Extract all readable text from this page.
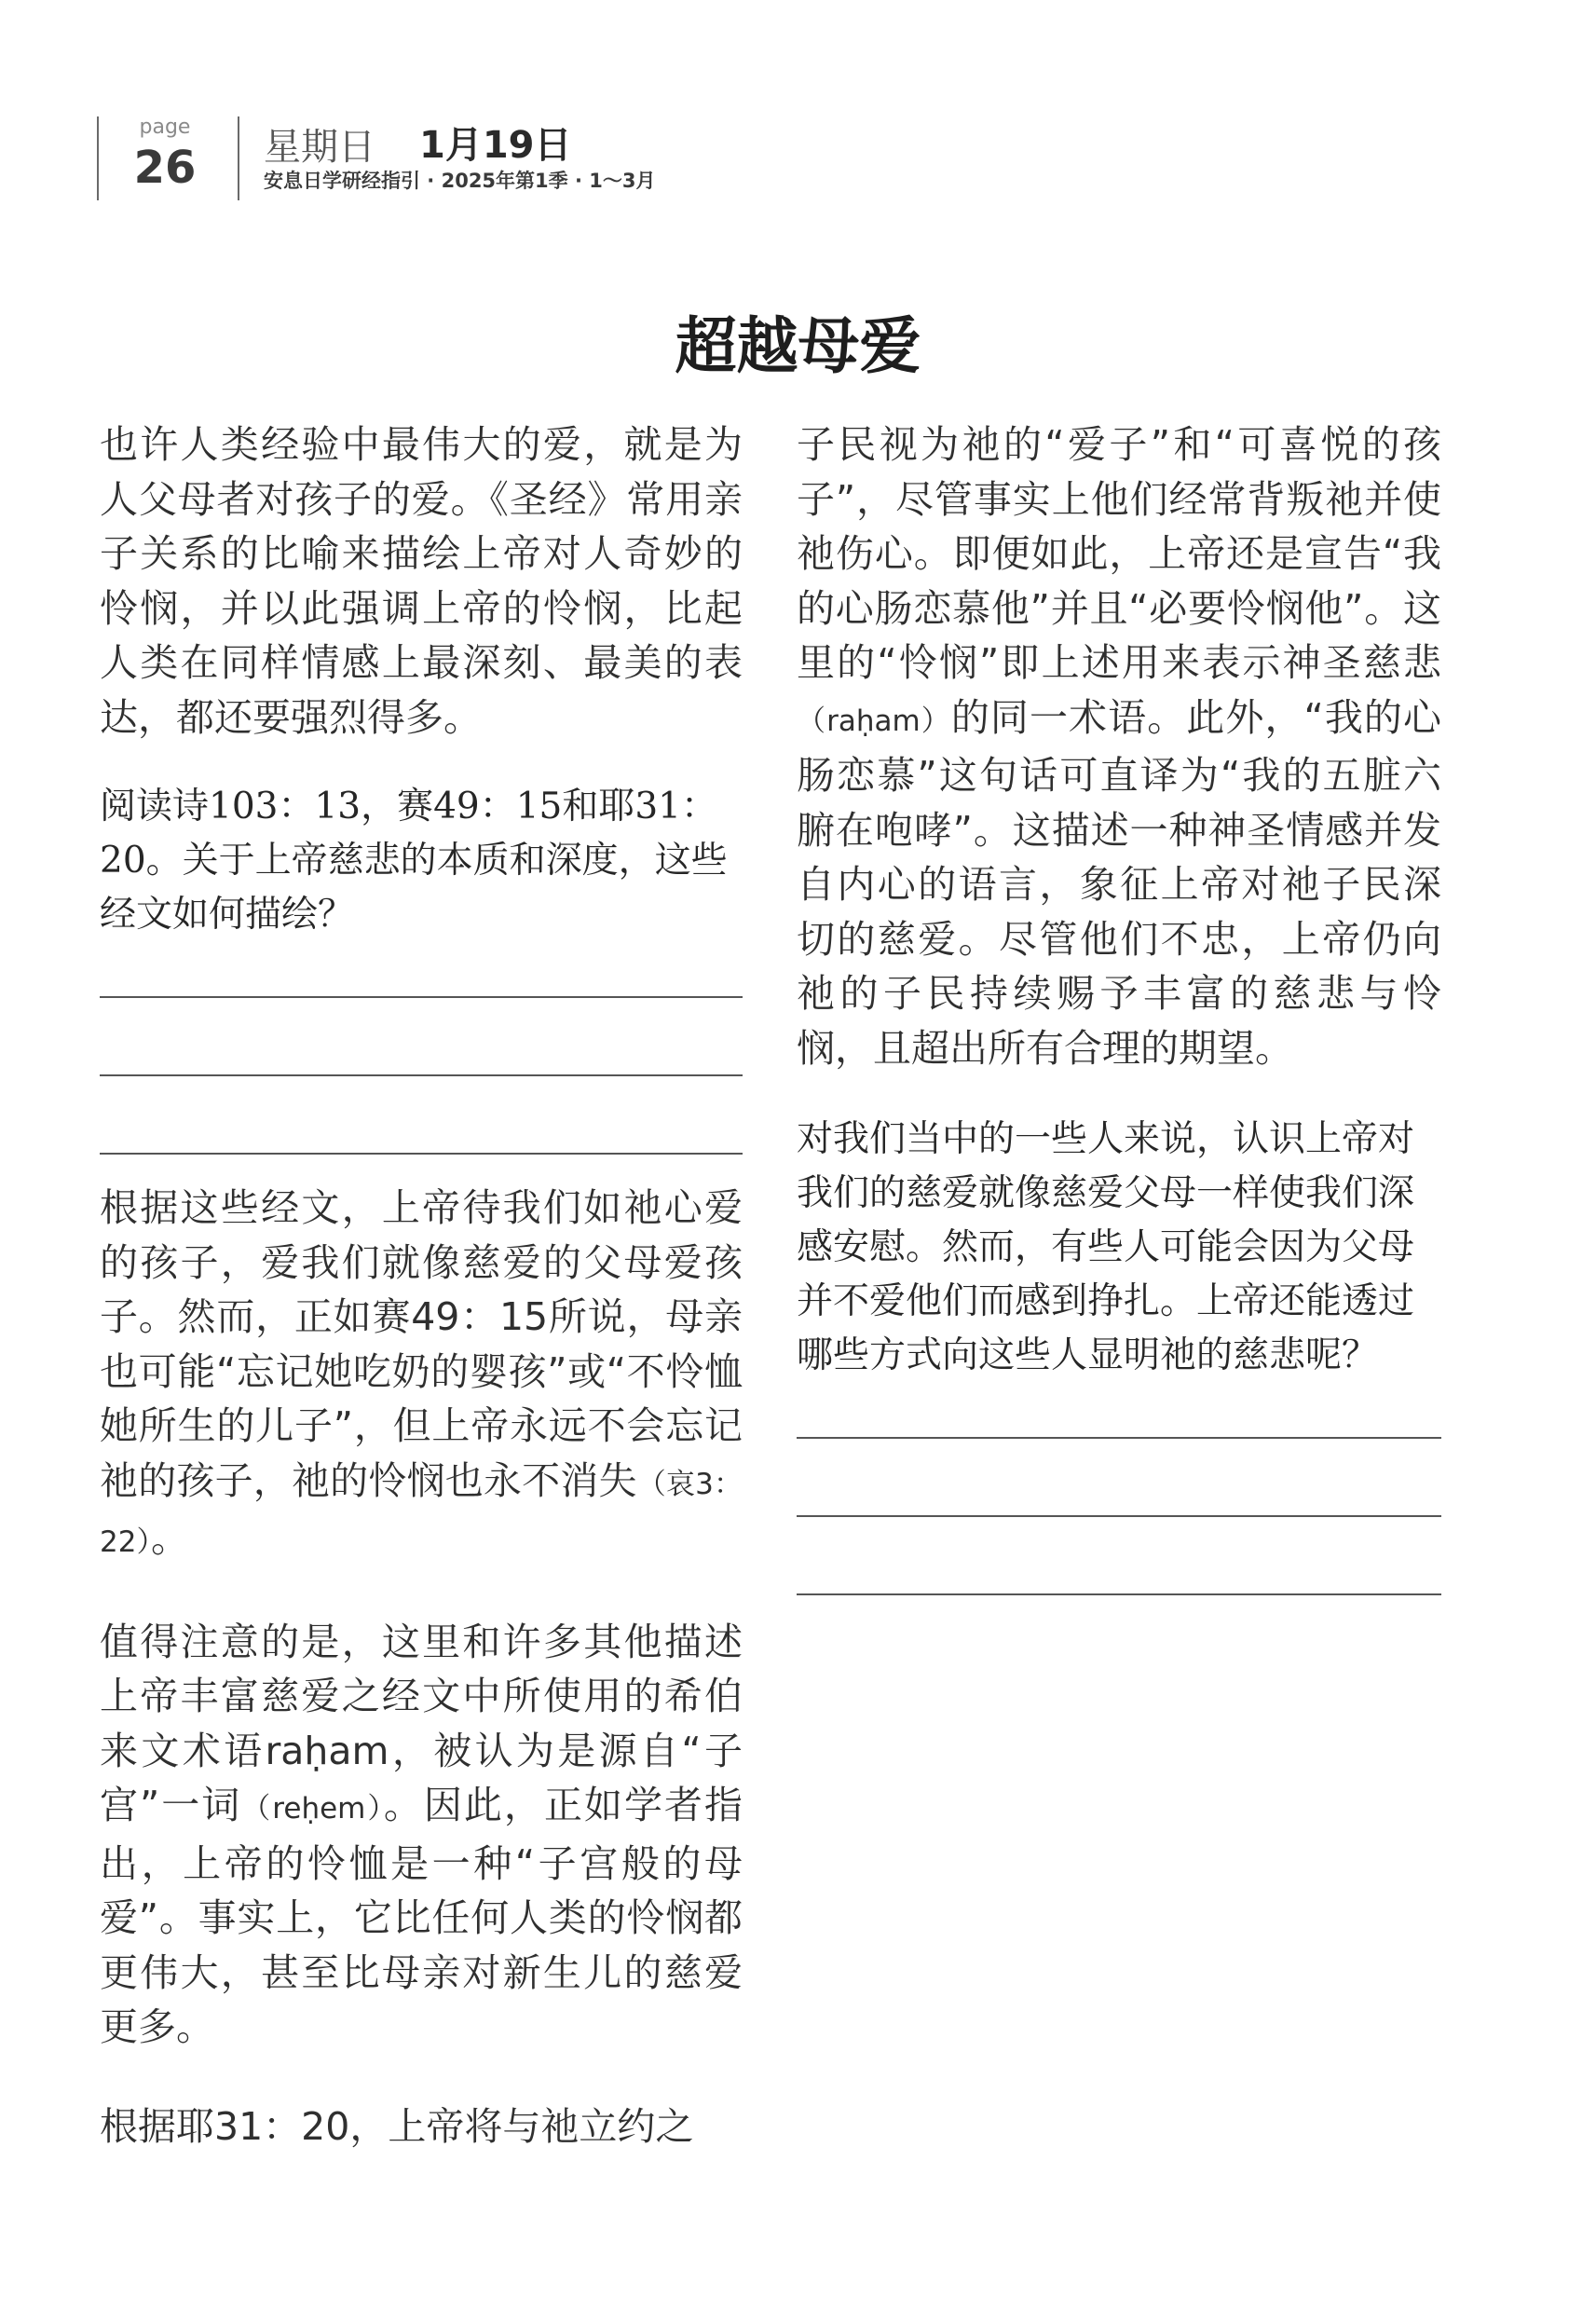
page
26 星期日 1月19日
安息日学研经指引 · 2025年第1季 · 1～3月
超越母爱

也许人类经验中最伟大的爱，就是为人父母者对孩子的爱。《圣经》常用亲子关系的比喻来描绘上帝对人奇妙的怜悯，并以此强调上帝的怜悯，比起人类在同样情感上最深刻、最美的表达，都还要强烈得多。

阅读诗103：13，赛49：15和耶31：20。关于上帝慈悲的本质和深度，这些经文如何描绘？

根据这些经文，上帝待我们如祂心爱的孩子，爱我们就像慈爱的父母爱孩子。然而，正如赛49：15所说，母亲也可能“忘记她吃奶的婴孩”或“不怜恤她所生的儿子”，但上帝永远不会忘记祂的孩子，祂的怜悯也永不消失（哀3：22）。

值得注意的是，这里和许多其他描述上帝丰富慈爱之经文中所使用的希伯来文术语raḥam，被认为是源自“子宫”一词（reḥem）。因此，正如学者指出，上帝的怜恤是一种“子宫般的母爱”。事实上，它比任何人类的怜悯都更伟大，甚至比母亲对新生儿的慈爱更多。

根据耶31：20，上帝将与祂立约之

子民视为祂的“爱子”和“可喜悦的孩子”，尽管事实上他们经常背叛祂并使祂伤心。即便如此，上帝还是宣告“我的心肠恋慕他”并且“必要怜悯他”。这里的“怜悯”即上述用来表示神圣慈悲（raḥam）的同一术语。此外，“我的心肠恋慕”这句话可直译为“我的五脏六腑在咆哮”。这描述一种神圣情感并发自内心的语言，象征上帝对祂子民深切的慈爱。尽管他们不忠，上帝仍向祂的子民持续赐予丰富的慈悲与怜悯，且超出所有合理的期望。

对我们当中的一些人来说，认识上帝对我们的慈爱就像慈爱父母一样使我们深感安慰。然而，有些人可能会因为父母并不爱他们而感到挣扎。上帝还能透过哪些方式向这些人显明祂的慈悲呢？
